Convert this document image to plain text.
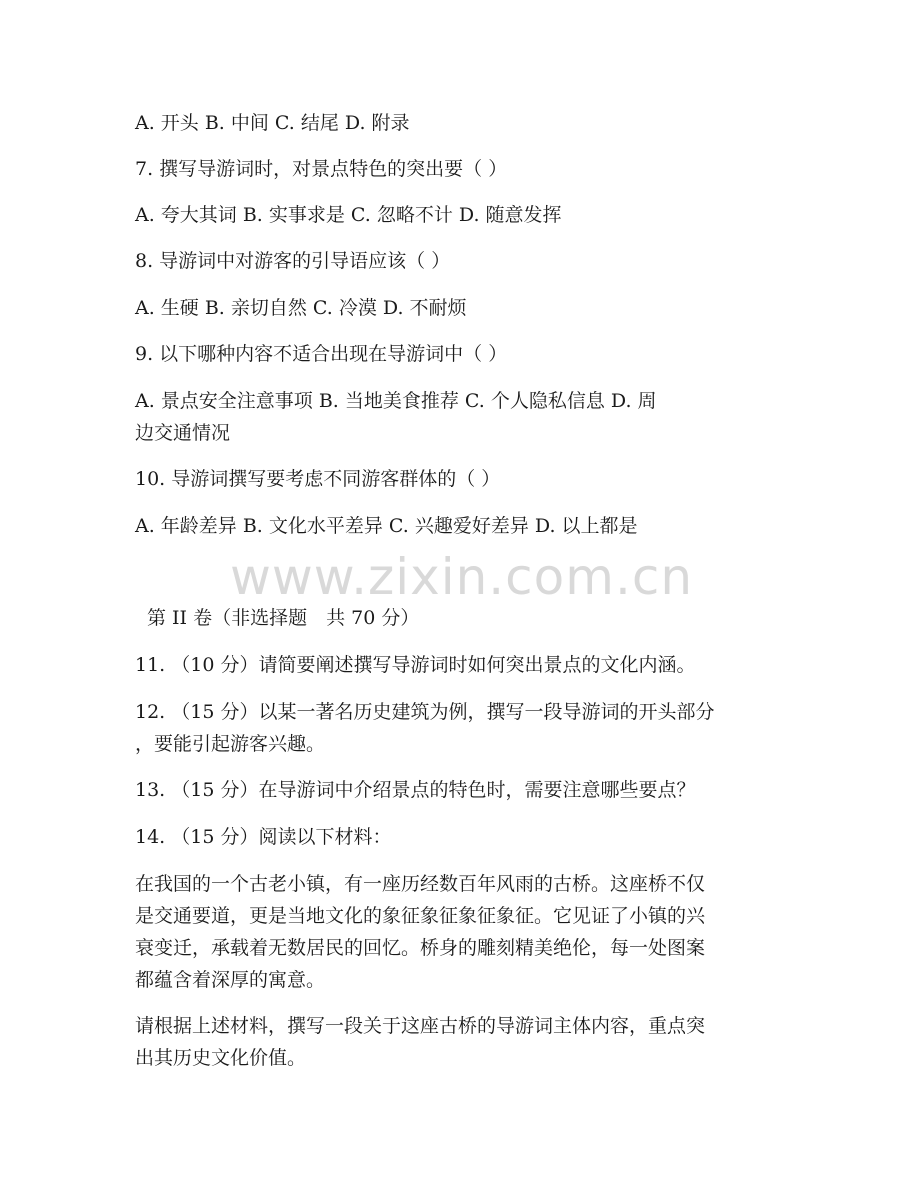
www.zixin.com.cn
A. 开头 B. 中间 C. 结尾 D. 附录
7. 撰写导游词时，对景点特色的突出要（ ）
A. 夸大其词 B. 实事求是 C. 忽略不计 D. 随意发挥
8. 导游词中对游客的引导语应该（ ）
A. 生硬 B. 亲切自然 C. 冷漠 D. 不耐烦
9. 以下哪种内容不适合出现在导游词中（ ）
A. 景点安全注意事项 B. 当地美食推荐 C. 个人隐私信息 D. 周
边交通情况
10. 导游词撰写要考虑不同游客群体的（ ）
A. 年龄差异 B. 文化水平差异 C. 兴趣爱好差异 D. 以上都是
第 II 卷（非选择题　共 70 分）
11. （10 分）请简要阐述撰写导游词时如何突出景点的文化内涵。
12. （15 分）以某一著名历史建筑为例，撰写一段导游词的开头部分
，要能引起游客兴趣。
13. （15 分）在导游词中介绍景点的特色时，需要注意哪些要点？
14. （15 分）阅读以下材料：
在我国的一个古老小镇，有一座历经数百年风雨的古桥。这座桥不仅
是交通要道，更是当地文化的象征象征象征象征。它见证了小镇的兴
衰变迁，承载着无数居民的回忆。桥身的雕刻精美绝伦，每一处图案
都蕴含着深厚的寓意。
请根据上述材料，撰写一段关于这座古桥的导游词主体内容，重点突
出其历史文化价值。
